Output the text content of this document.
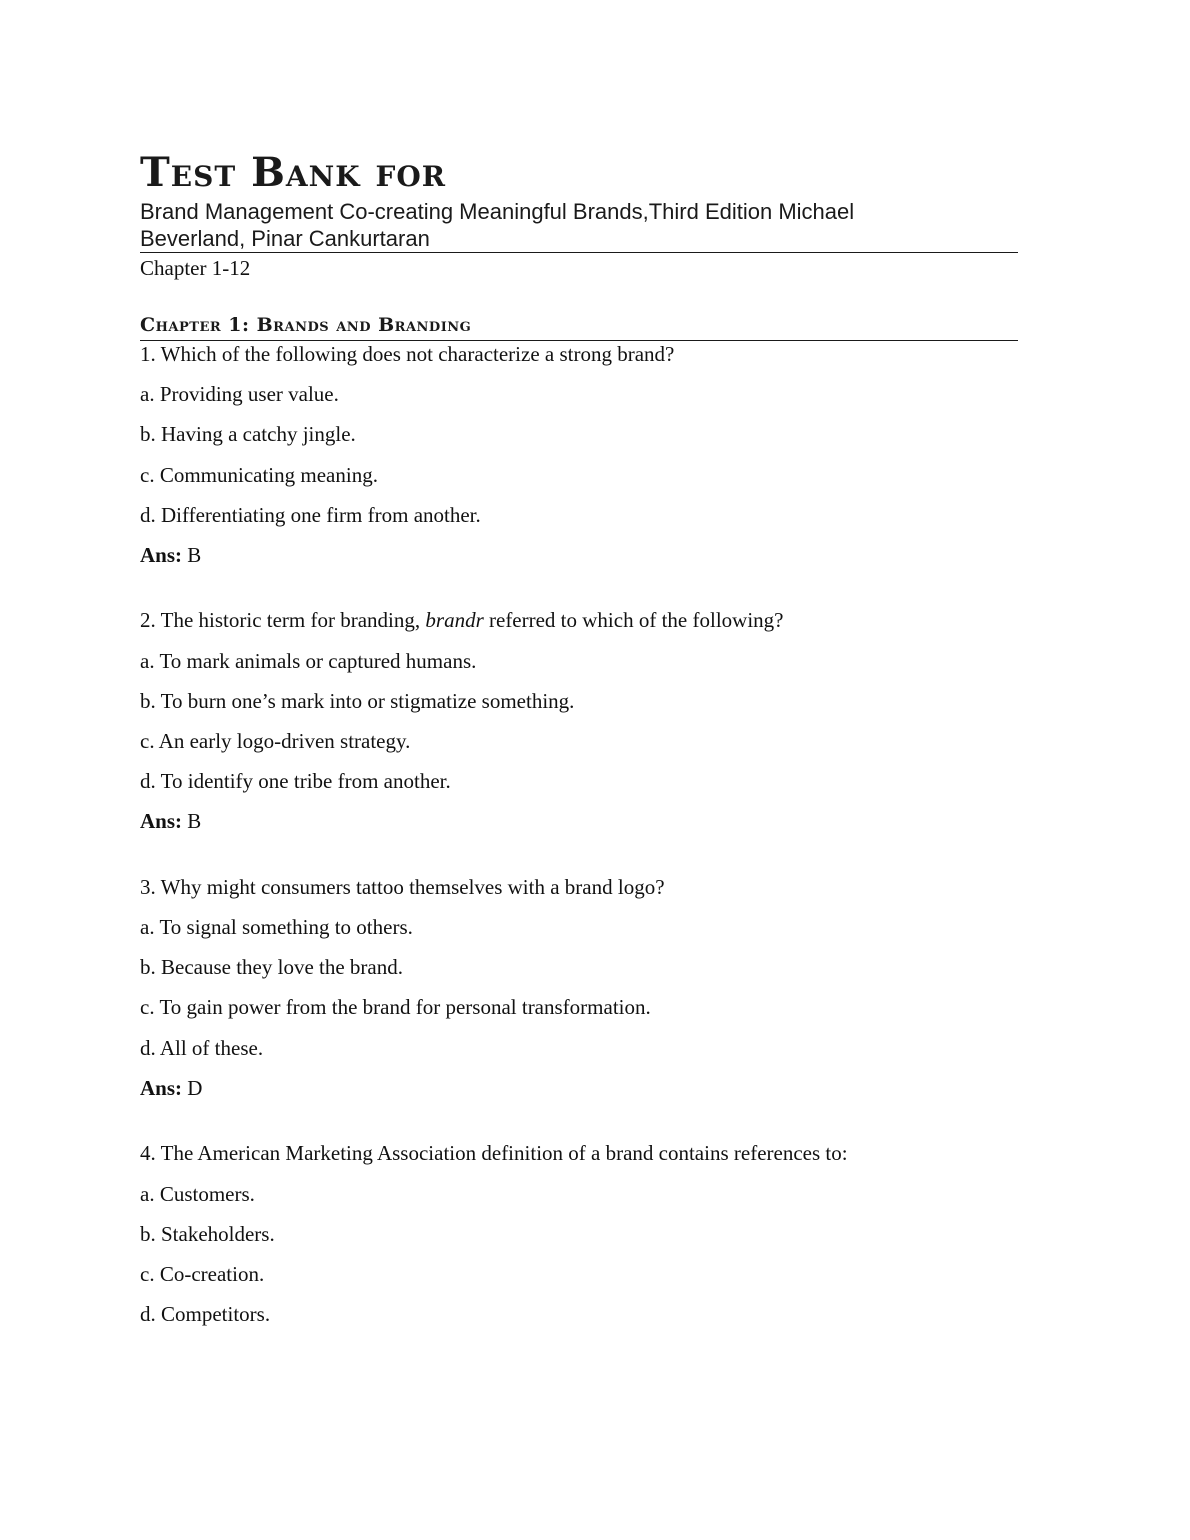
Test Bank for

Brand Management Co-creating Meaningful Brands,Third Edition Michael Beverland, Pinar Cankurtaran

Chapter 1-12

Chapter 1: Brands and Branding
1. Which of the following does not characterize a strong brand?
a. Providing user value.
b. Having a catchy jingle.
c. Communicating meaning.
d. Differentiating one firm from another.
Ans: B
2. The historic term for branding, brandr referred to which of the following?
a. To mark animals or captured humans.
b. To burn one’s mark into or stigmatize something.
c. An early logo-driven strategy.
d. To identify one tribe from another.
Ans: B
3. Why might consumers tattoo themselves with a brand logo?
a. To signal something to others.
b. Because they love the brand.
c. To gain power from the brand for personal transformation.
d. All of these.
Ans: D
4. The American Marketing Association definition of a brand contains references to:
a. Customers.
b. Stakeholders.
c. Co-creation.
d. Competitors.
